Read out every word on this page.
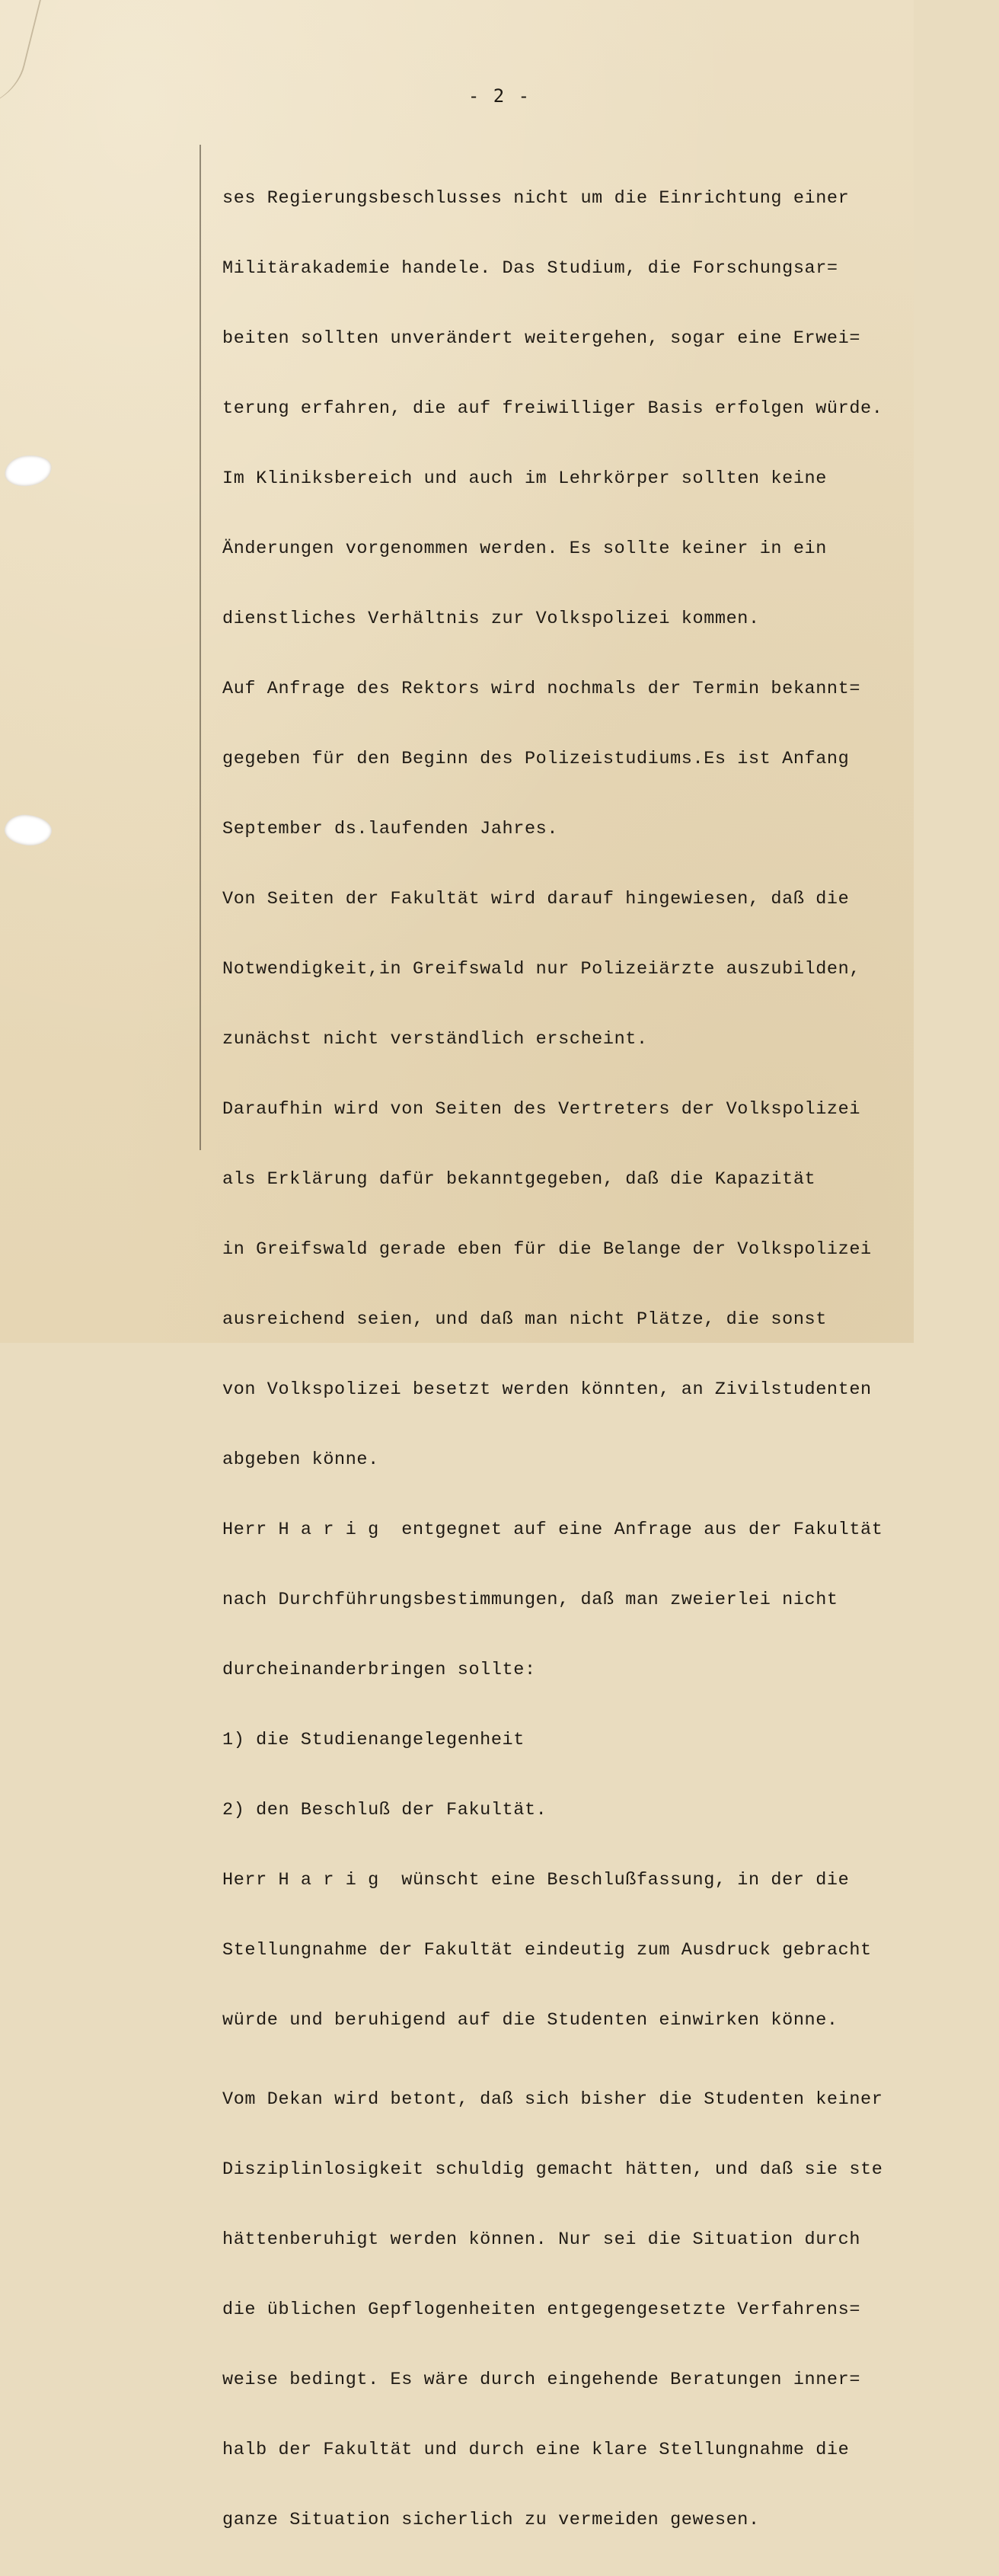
- 2 -

ses Regierungsbeschlusses nicht um die Einrichtung einer

Militärakademie handele. Das Studium, die Forschungsar=

beiten sollten unverändert weitergehen, sogar eine Erwei=

terung erfahren, die auf freiwilliger Basis erfolgen würde.

Im Kliniksbereich und auch im Lehrkörper sollten keine

Änderungen vorgenommen werden. Es sollte keiner in ein

dienstliches Verhältnis zur Volkspolizei kommen.

Auf Anfrage des Rektors wird nochmals der Termin bekannt=

gegeben für den Beginn des Polizeistudiums.Es ist Anfang

September ds.laufenden Jahres.

Von Seiten der Fakultät wird darauf hingewiesen, daß die

Notwendigkeit,in Greifswald nur Polizeiärzte auszubilden,

zunächst nicht verständlich erscheint.

Daraufhin wird von Seiten des Vertreters der Volkspolizei

als Erklärung dafür bekanntgegeben, daß die Kapazität

in Greifswald gerade eben für die Belange der Volkspolizei

ausreichend seien, und daß man nicht Plätze, die sonst

von Volkspolizei besetzt werden könnten, an Zivilstudenten

abgeben könne.

Herr H a r i g  entgegnet auf eine Anfrage aus der Fakultät

nach Durchführungsbestimmungen, daß man zweierlei nicht

durcheinanderbringen sollte:

1) die Studienangelegenheit

2) den Beschluß der Fakultät.

Herr H a r i g  wünscht eine Beschlußfassung, in der die

Stellungnahme der Fakultät eindeutig zum Ausdruck gebracht

würde und beruhigend auf die Studenten einwirken könne.

Vom Dekan wird betont, daß sich bisher die Studenten keiner

Disziplinlosigkeit schuldig gemacht hätten, und daß sie ste

hättenberuhigt werden können. Nur sei die Situation durch

die üblichen Gepflogenheiten entgegengesetzte Verfahrens=

weise bedingt. Es wäre durch eingehende Beratungen inner=

halb der Fakultät und durch eine klare Stellungnahme die

ganze Situation sicherlich zu vermeiden gewesen.
